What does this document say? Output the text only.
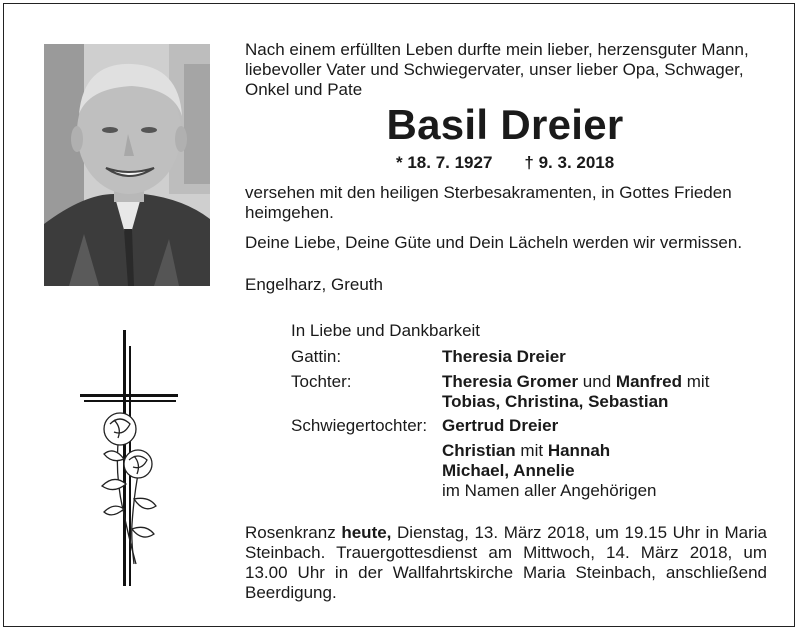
Nach einem erfüllten Leben durfte mein lieber, herzensguter Mann, liebevoller Vater und Schwiegervater, unser lieber Opa, Schwager, Onkel und Pate

Basil Dreier
* 18. 7. 1927 † 9. 3. 2018

versehen mit den heiligen Sterbesakramenten, in Gottes Frieden heimgehen.

Deine Liebe, Deine Güte und Dein Lächeln werden wir vermissen.

Engelharz, Greuth

In Liebe und Dankbarkeit

Gattin:	Theresia Dreier
Tochter:	Theresia Gromer und Manfred mit
Tobias, Christina, Sebastian
Schwiegertochter: Gertrud Dreier
Christian mit Hannah
Michael, Annelie
im Namen aller Angehörigen

Rosenkranz heute, Dienstag, 13. März 2018, um 19.15 Uhr in Maria Steinbach. Trauergottesdienst am Mittwoch, 14. März 2018, um 13.00 Uhr in der Wallfahrtskirche Maria Steinbach, anschließend Beerdigung.
